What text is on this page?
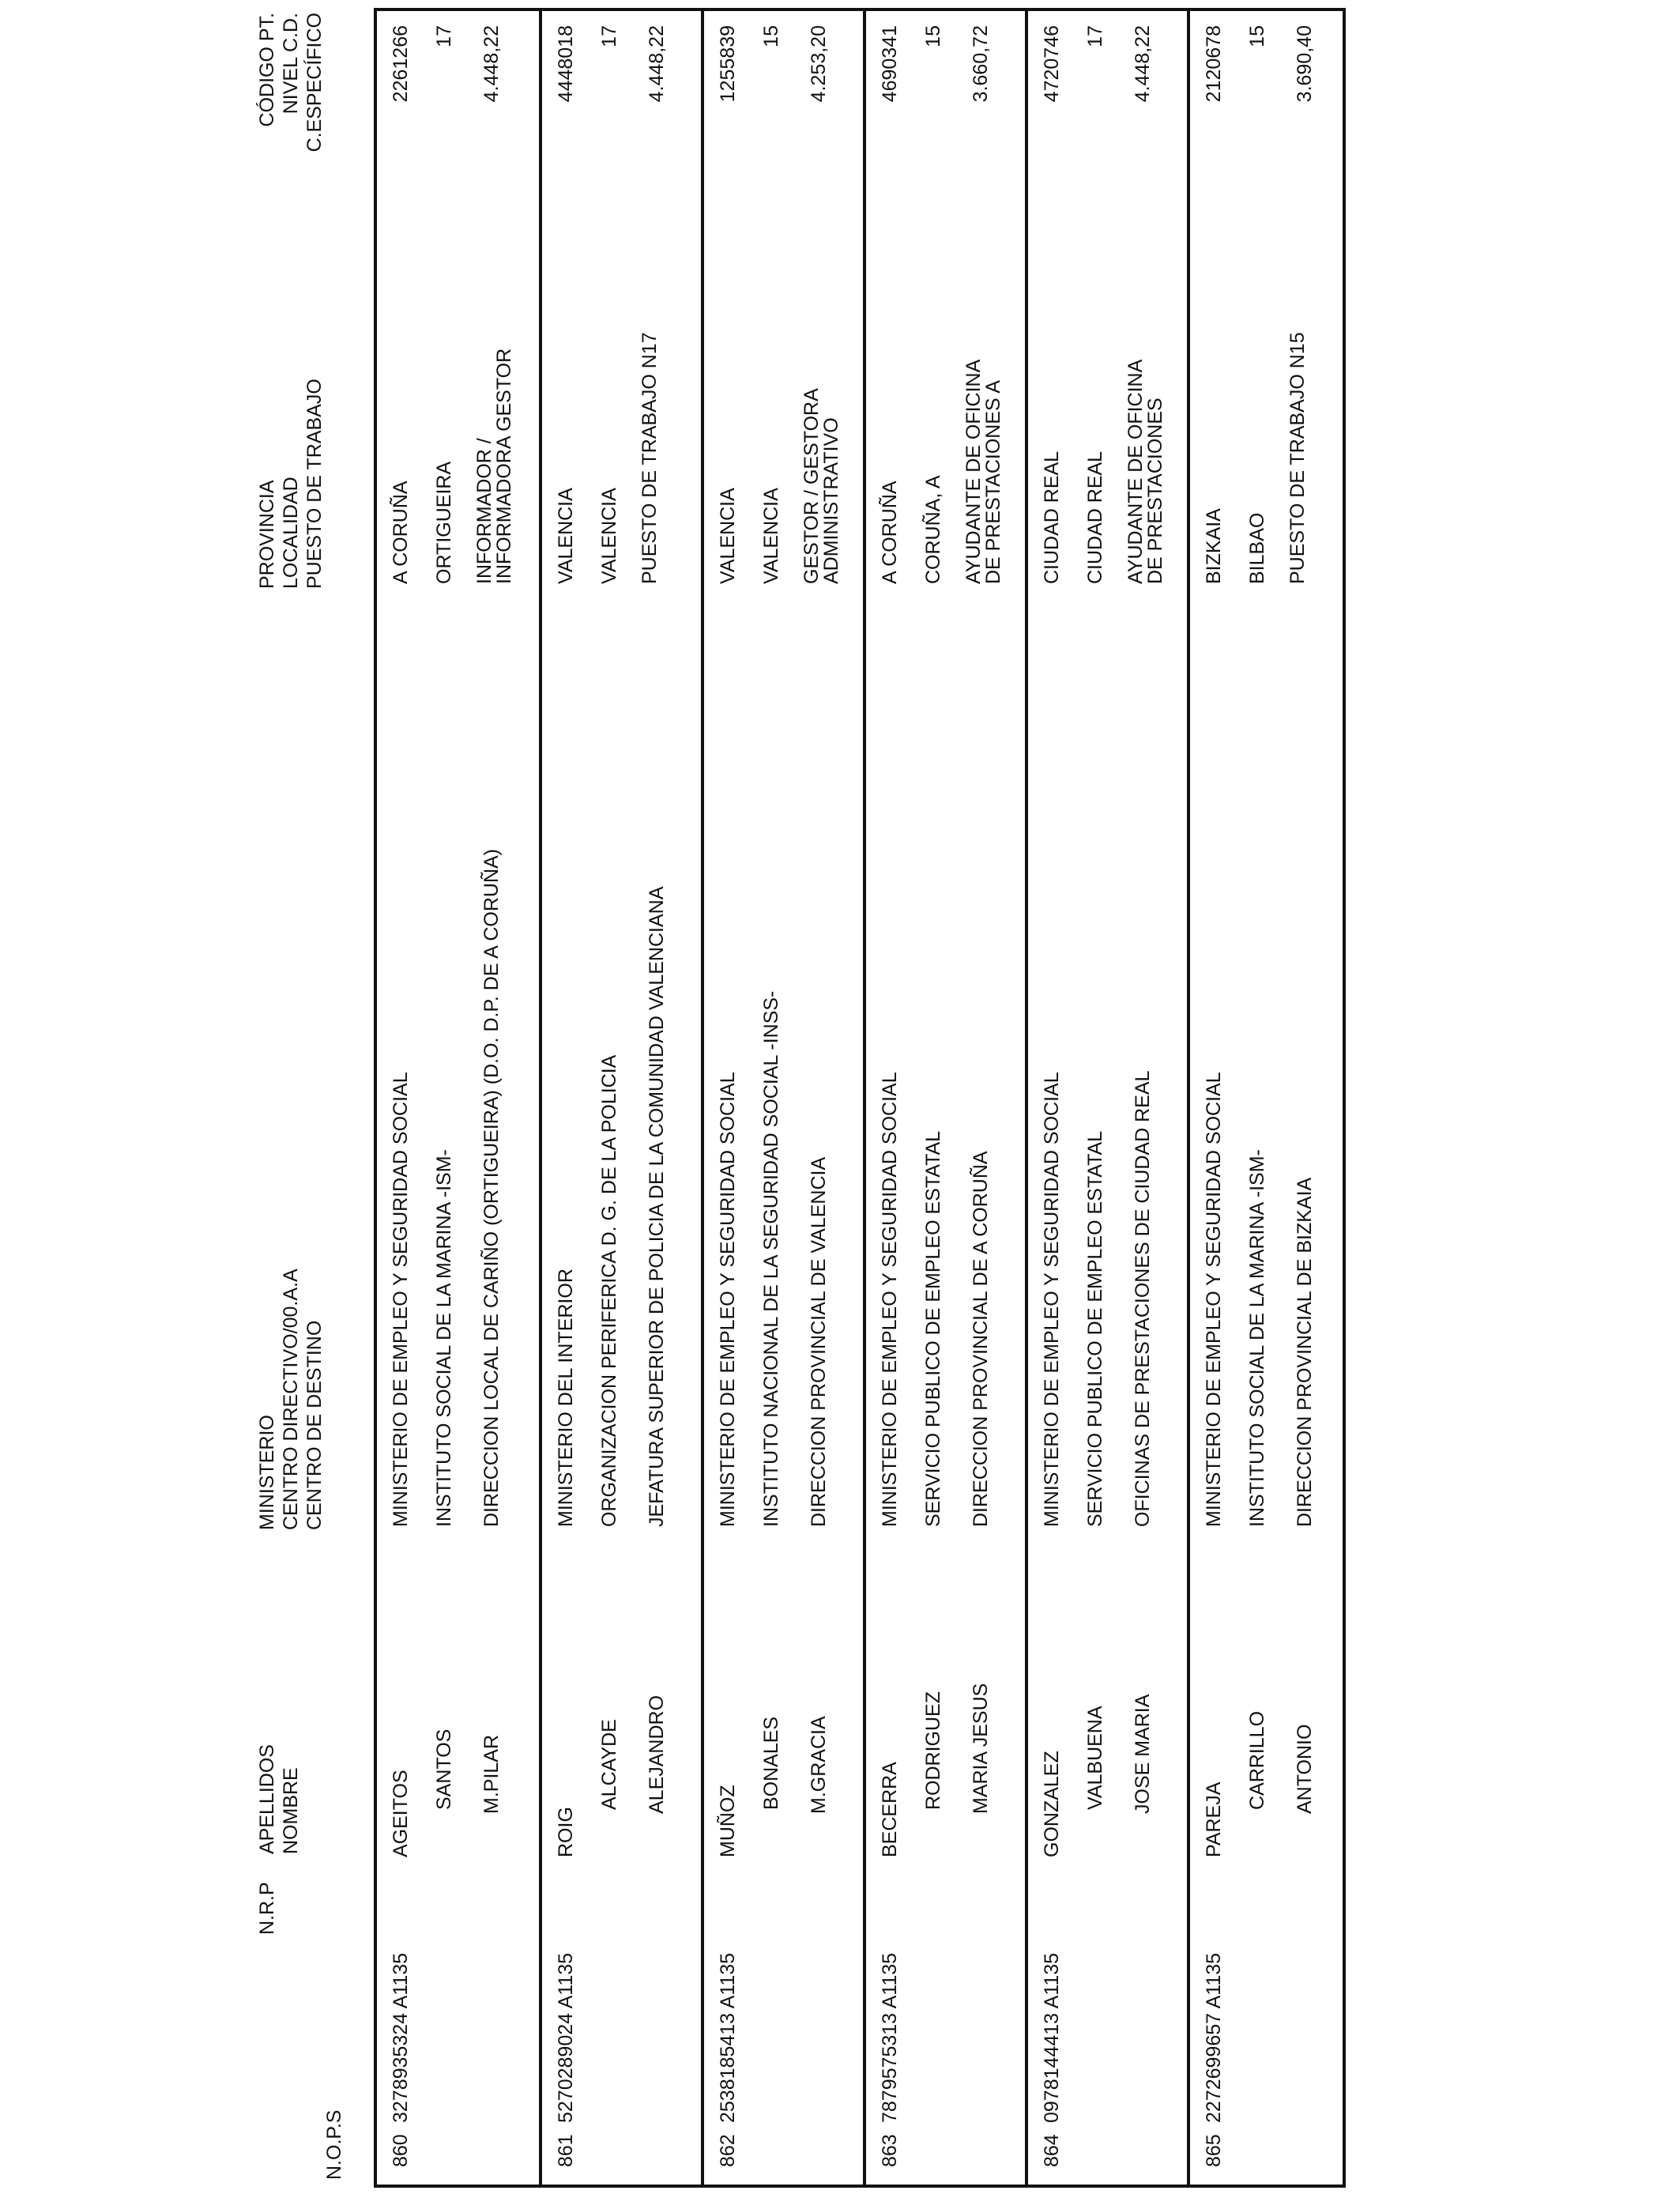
N.O.P.S
N.R.P
APELLIDOS NOMBRE
MINISTERIO CENTRO DIRECTIVO/00.A.A CENTRO DE DESTINO
PROVINCIA LOCALIDAD PUESTO DE TRABAJO
CÓDIGO PT. NIVEL C.D. C.ESPECÍFICO
860
3278935324 A1135
AGEITOS
SANTOS M.PILAR
MINISTERIO DE EMPLEO Y SEGURIDAD SOCIAL INSTITUTO SOCIAL DE LA MARINA -ISM- DIRECCION LOCAL DE CARIÑO (ORTIGUEIRA) (D.O. D.P. DE A CORUÑA)
A CORUÑA ORTIGUEIRA INFORMADOR / INFORMADORA GESTOR
2261266 17 4.448,22
861
5270289024 A1135
ROIG
ALCAYDE ALEJANDRO
MINISTERIO DEL INTERIOR ORGANIZACION PERIFERICA D. G. DE LA POLICIA JEFATURA SUPERIOR DE POLICIA DE LA COMUNIDAD VALENCIANA
VALENCIA VALENCIA PUESTO DE TRABAJO N17
4448018 17 4.448,22
862
2538185413 A1135
MUÑOZ
BONALES M.GRACIA
MINISTERIO DE EMPLEO Y SEGURIDAD SOCIAL INSTITUTO NACIONAL DE LA SEGURIDAD SOCIAL -INSS- DIRECCION PROVINCIAL DE VALENCIA
VALENCIA VALENCIA GESTOR / GESTORA ADMINISTRATIVO
1255839 15 4.253,20
863
7879575313 A1135
BECERRA RODRIGUEZ MARIA JESUS
MINISTERIO DE EMPLEO Y SEGURIDAD SOCIAL SERVICIO PUBLICO DE EMPLEO ESTATAL DIRECCION PROVINCIAL DE A CORUÑA
A CORUÑA CORUÑA, A AYUDANTE DE OFICINA DE PRESTACIONES A
4690341 15 3.660,72
864
0978144413 A1135
GONZALEZ VALBUENA JOSE MARIA
MINISTERIO DE EMPLEO Y SEGURIDAD SOCIAL SERVICIO PUBLICO DE EMPLEO ESTATAL OFICINAS DE PRESTACIONES DE CIUDAD REAL
CIUDAD REAL CIUDAD REAL AYUDANTE DE OFICINA DE PRESTACIONES
4720746 17 4.448,22
865
2272699657 A1135
PAREJA
CARRILLO ANTONIO
MINISTERIO DE EMPLEO Y SEGURIDAD SOCIAL INSTITUTO SOCIAL DE LA MARINA -ISM- DIRECCION PROVINCIAL DE BIZKAIA
BIZKAIA BILBAO PUESTO DE TRABAJO N15
2120678 15 3.690,40
